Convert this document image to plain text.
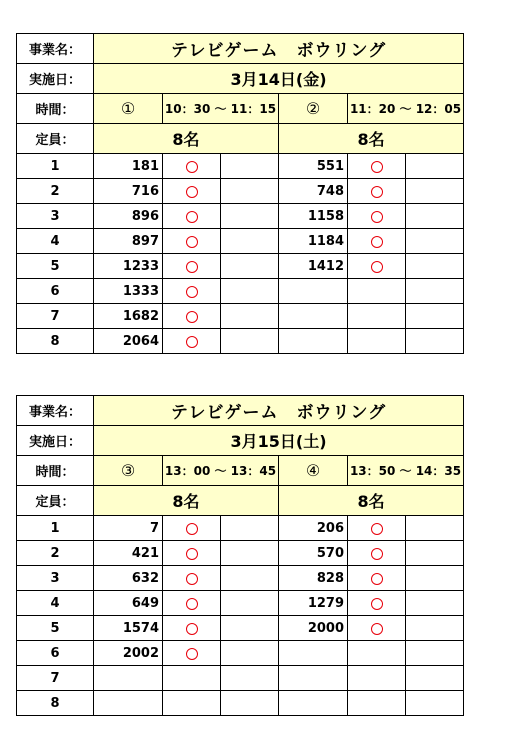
事業名：	テレビゲーム　ボウリング					
実施日：	3月14日(金)					
時間：	①	10：30 ～ 11：15		②	11：20 ～ 12：05	
定員：	8名			8名		
1	181			551		
2	716			748		
3	896			1158		
4	897			1184		
5	1233			1412		
6	1333					
7	1682					
8	2064					
事業名：	テレビゲーム　ボウリング					
実施日：	3月15日(土)					
時間：	③	13：00 ～ 13：45		④	13：50 ～ 14：35	
定員：	8名			8名		
1	7			206		
2	421			570		
3	632			828		
4	649			1279		
5	1574			2000		
6	2002					
7						
8						
